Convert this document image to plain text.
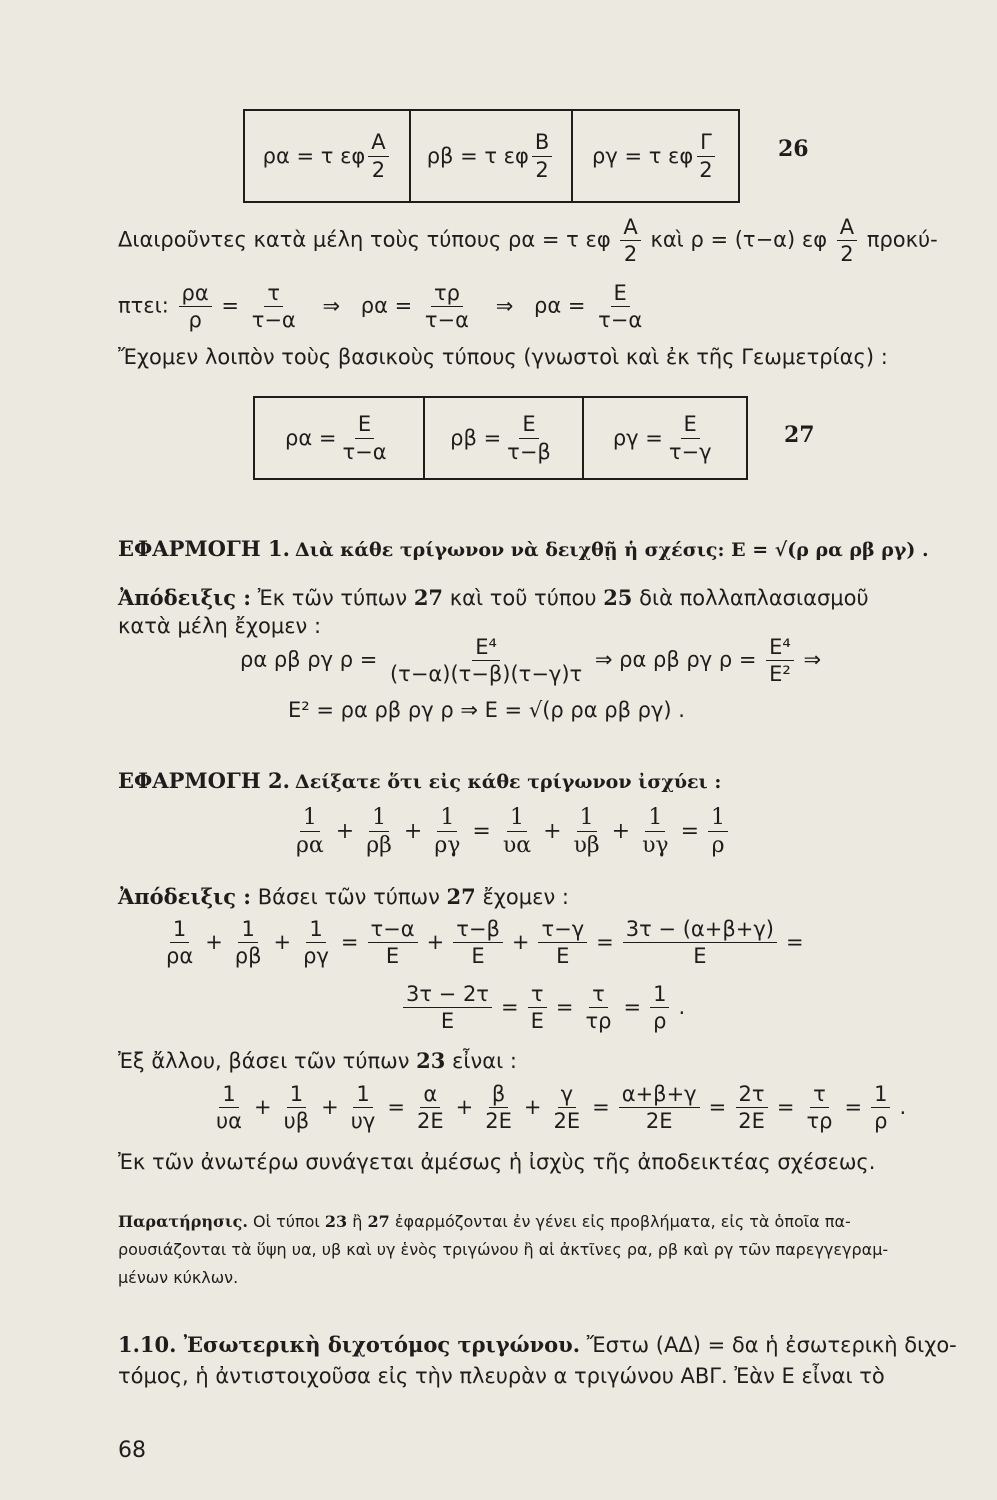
ρα = τ εφ $\frac{A}{2}$ ρβ = τ εφ $\frac{B}{2}$ ργ = τ εφ $\frac{\Gamma}{2}$	26
Διαιροῦντες κατὰ μέλη τοὺς τύπους ρα = τ εφ $\frac{A}{2}$ καὶ ρ = (τ−α) εφ $\frac{A}{2} \pi\rho o\kappa ύ-$
πτει: $\frac{\rho\alpha}{\rho} = \frac{\tau}{\tau-\alpha}$ ⇒ $\rho\alpha = \frac{\tau\rho}{\tau-\alpha}$ ⇒ $\rho\alpha = \frac{E}{\tau-\alpha}$
Ἔχομεν λοιπὸν τοὺς βασικοὺς τύπους (γνωστοὶ καὶ ἐκ τῆς Γεωμετρίας) :
$\rho\alpha = \frac{E}{\tau-\alpha}$	$\rho\beta = \frac{E}{\tau-\beta}$	$\rho\gamma = \frac{E}{\tau-\gamma}$	27
ΕΦΑΡΜΟΓΗ 1. Διὰ κάθε τρίγωνον νὰ δειχθῇ ἡ σχέσις: E = √(ρ ρα ρβ ργ) .
Ἀπόδειξις : Ἐκ τῶν τύπων 27 καὶ τοῦ τύπου 25 διὰ πολλαπλασιασμοῦ
κατὰ μέλη ἔχομεν :
ρα ρβ ργ $\rho = \frac{\text{E⁴}}{(\tau-\alpha)(\tau-\beta)(\tau-\gamma)\tau}$ ⇒ ρα ρβ ργ $\rho = \frac{\text{E⁴}}{\text{E²}}$ ⇒
E² = ρα ρβ ργ ρ ⇒ E = √(ρ ρα ρβ ργ) .
ΕΦΑΡΜΟΓΗ 2. Δείξατε ὅτι εἰς κάθε τρίγωνον ἰσχύει :
$\frac{1}{\rho\alpha} + \frac{1}{\rho\beta} + \frac{1}{\rho\gamma} = \frac{1}{\upsilon\alpha} + \frac{1}{\upsilon\beta} + \frac{1}{\upsilon\gamma} = \frac{1}{\rho}$
Ἀπόδειξις : Βάσει τῶν τύπων 27 ἔχομεν :
$\frac{1}{\rho\alpha} + \frac{1}{\rho\beta} + \frac{1}{\rho\gamma} = \frac{\tau-\alpha}{E} + \frac{\tau-\beta}{E} + \frac{\tau-\gamma}{E} = \frac{3\tau - (\alpha+\beta+\gamma)}{E}$ =
$\frac{3\tau - 2\tau}{E} = \frac{\tau}{E} = \frac{\tau}{\tau\rho} = \frac{1}{\rho}$ .
Ἐξ ἄλλου, βάσει τῶν τύπων 23 εἶναι :
$\frac{1}{\upsilon\alpha} + \frac{1}{\upsilon\beta} + \frac{1}{\upsilon\gamma} = \frac{\alpha}{2E} + \frac{\beta}{2E} + \frac{\gamma}{2E} = \frac{\alpha+\beta+\gamma}{2E} = \frac{2\tau}{2E} = \frac{\tau}{\tau\rho} = \frac{1}{\rho}$ .
Ἐκ τῶν ἀνωτέρω συνάγεται ἀμέσως ἡ ἰσχὺς τῆς ἀποδεικτέας σχέσεως.
Παρατήρησις. Οἱ τύποι 23 ἢ 27 ἐφαρμόζονται ἐν γένει εἰς προβλήματα, εἰς τὰ ὁποῖα πα-
ρουσιάζονται τὰ ὕψη υα, υβ καὶ υγ ἑνὸς τριγώνου ἢ αἱ ἀκτῖνες ρα, ρβ καὶ ργ τῶν παρεγγεγραμ-
μένων κύκλων.
1.10. Ἐσωτερικὴ διχοτόμος τριγώνου. Ἔστω (ΑΔ) = δα ἡ ἐσωτερικὴ διχο-
τόμος, ἡ ἀντιστοιχοῦσα εἰς τὴν πλευρὰν α τριγώνου ΑΒΓ. Ἐὰν Ε εἶναι τὸ
68
